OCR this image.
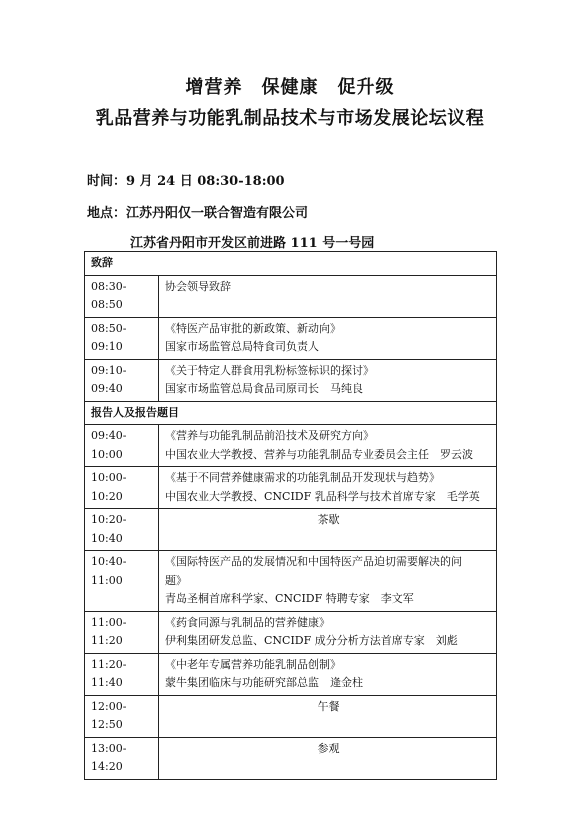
增营养　保健康　促升级
乳品营养与功能乳制品技术与市场发展论坛议程
时间：9 月 24 日 08:30-18:00
地点：江苏丹阳仅一联合智造有限公司
江苏省丹阳市开发区前进路 111 号一号园
致辞	
08:30-08:50	协会领导致辞

08:50-09:10	《特医产品审批的新政策、新动向》
国家市场监管总局特食司负责人

09:10-09:40	《关于特定人群食用乳粉标签标识的探讨》
国家市场监管总局食品司原司长　马纯良

报告人及报告题目	
09:40-10:00	《营养与功能乳制品前沿技术及研究方向》
中国农业大学教授、营养与功能乳制品专业委员会主任　罗云波

10:00-10:20	《基于不同营养健康需求的功能乳制品开发现状与趋势》
中国农业大学教授、CNCIDF 乳品科学与技术首席专家　毛学英

10:20-10:40	茶歇
10:40-11:00	《国际特医产品的发展情况和中国特医产品迫切需要解决的问
题》
青岛圣桐首席科学家、CNCIDF 特聘专家　李文军

11:00-11:20	《药食同源与乳制品的营养健康》
伊利集团研发总监、CNCIDF 成分分析方法首席专家　刘彪

11:20-11:40	《中老年专属营养功能乳制品创制》
蒙牛集团临床与功能研究部总监　逄金柱

12:00-12:50	午餐
13:00-14:20	参观
